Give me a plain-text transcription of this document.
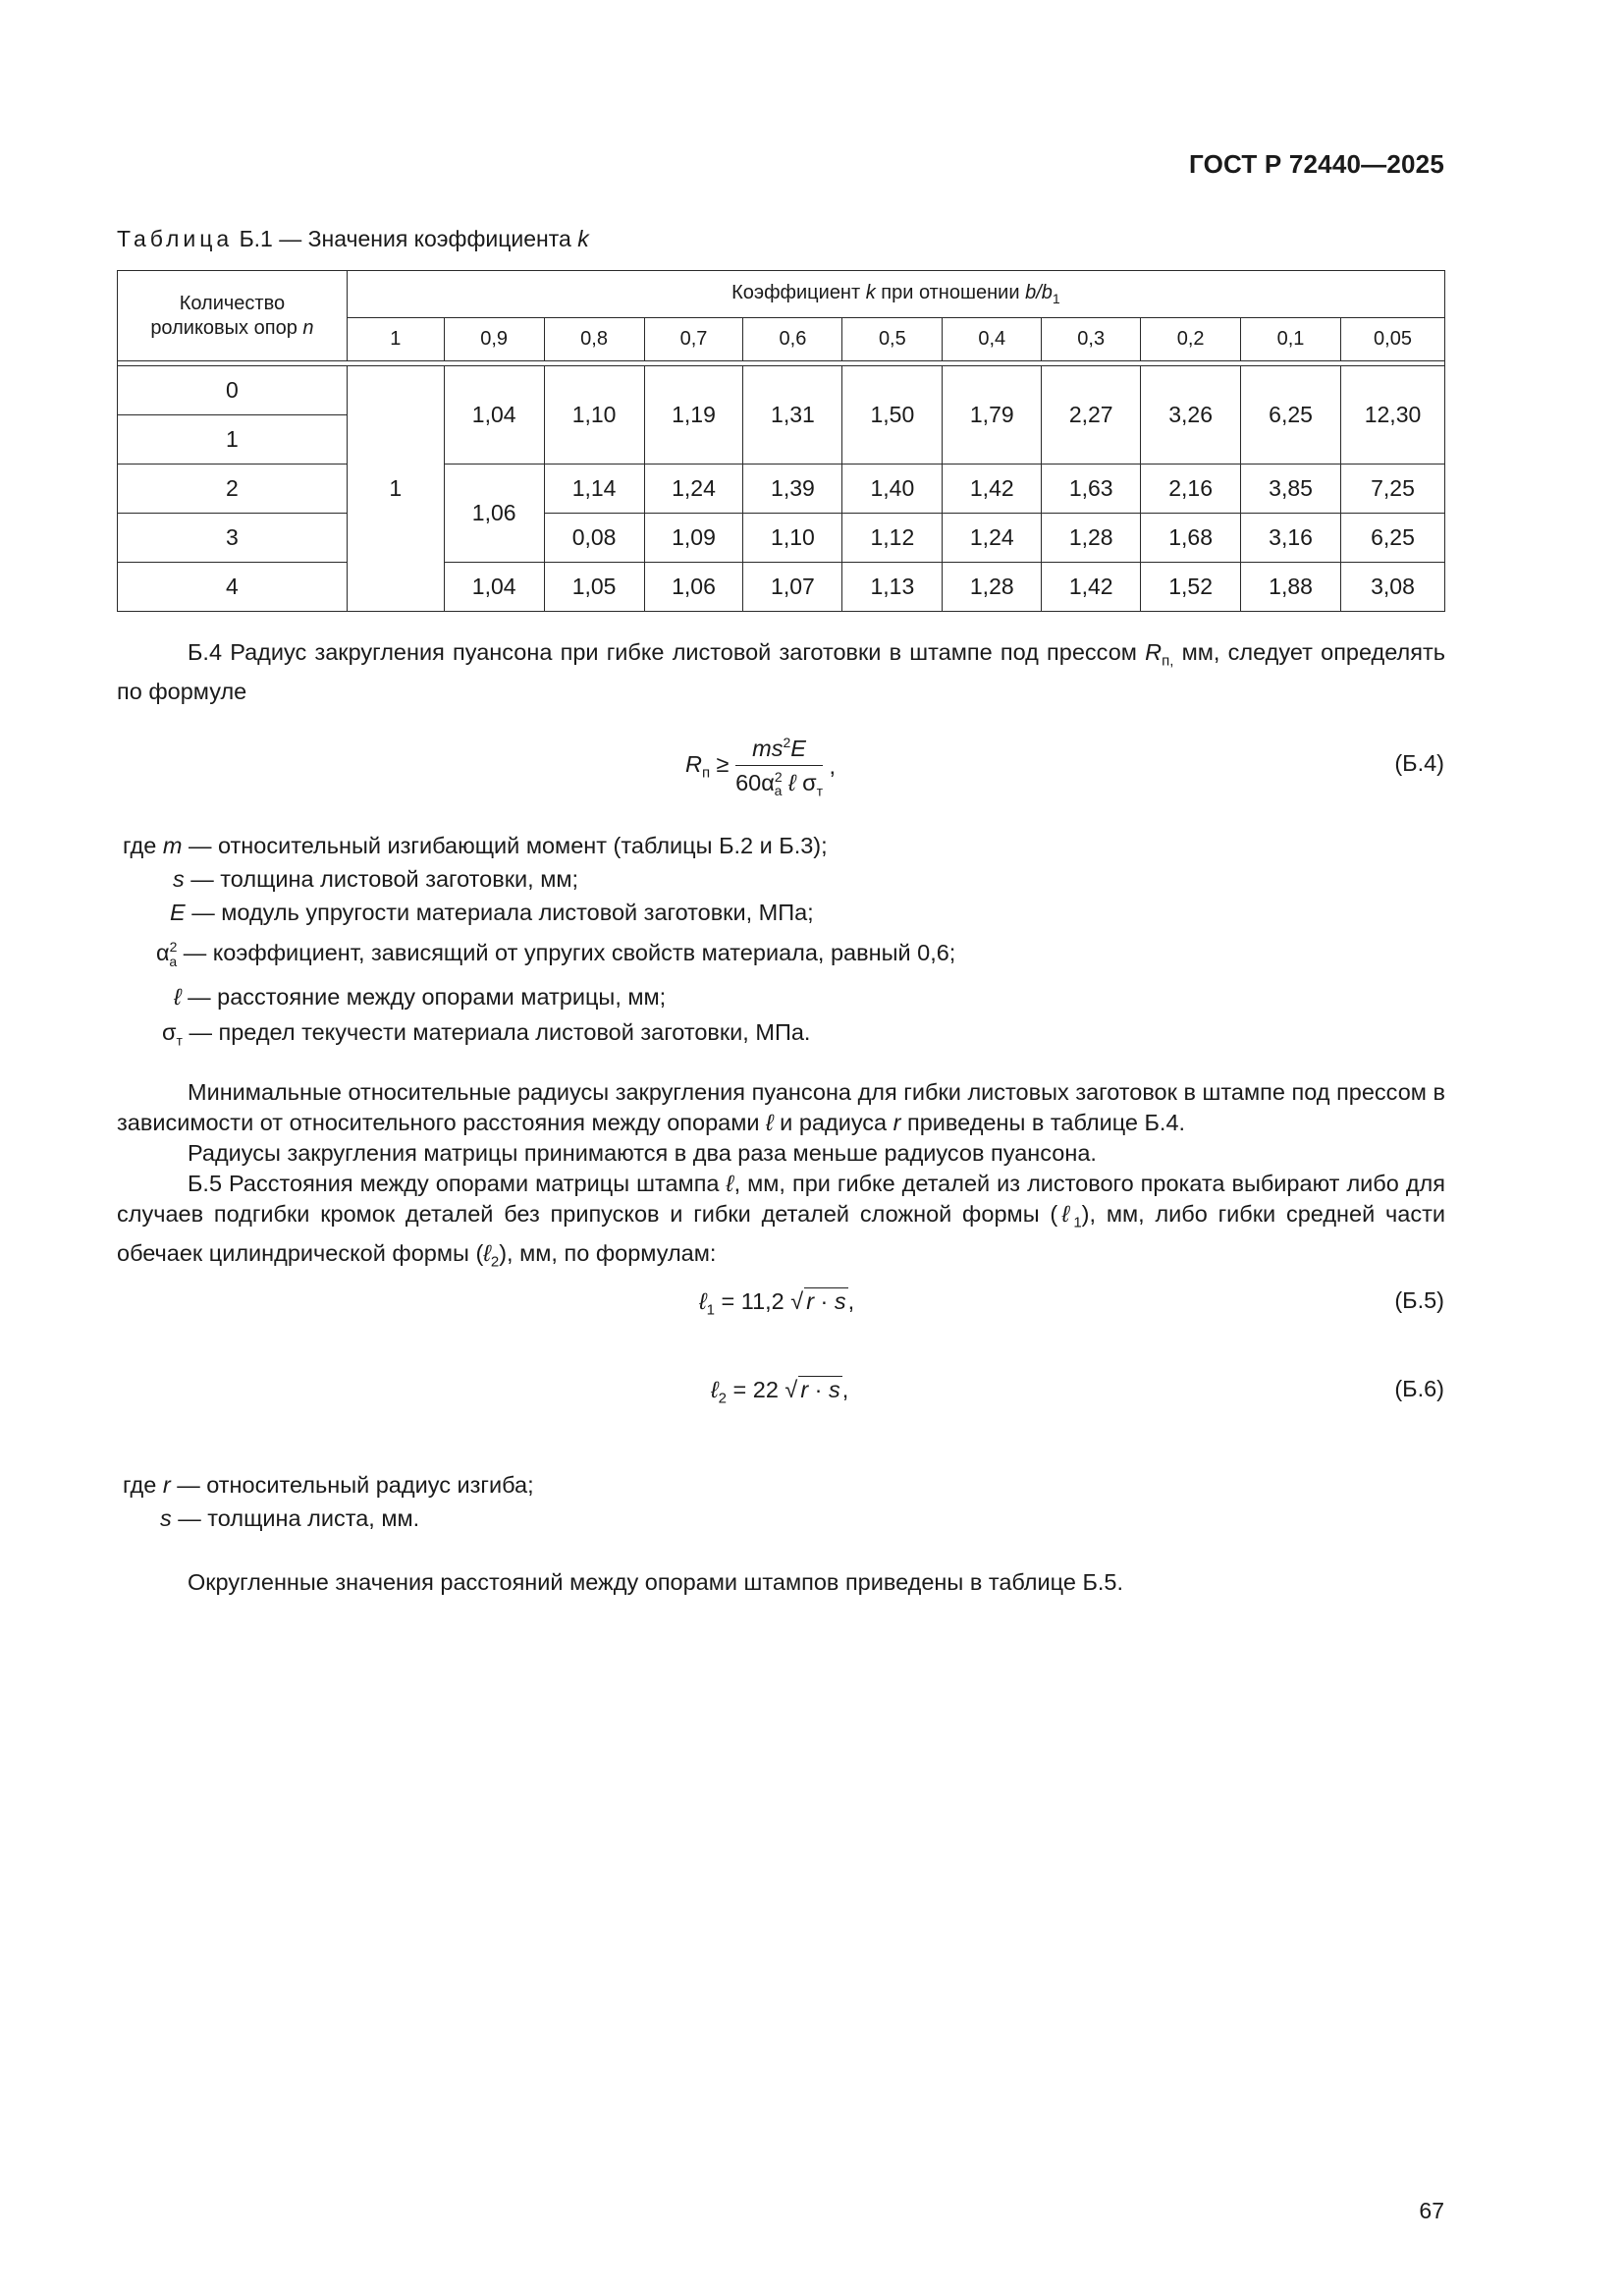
ГОСТ Р 72440—2025
Таблица Б.1 — Значения коэффициента k
Количество
роликовых опор n	Коэффициент k при отношении $b/b_1$
	1	0,9	0,8	0,7	0,6	0,5	0,4	0,3	0,2	0,1	0,05

0	1	1,04	1,10	1,19	1,31	1,50	1,79	2,27	3,26	6,25	12,30
1											
2		1,06	1,14	1,24	1,39	1,40	1,42	1,63	2,16	3,85	7,25
3			0,08	1,09	1,10	1,12	1,24	1,28	1,68	3,16	6,25
4		1,04	1,05	1,06	1,07	1,13	1,28	1,42	1,52	1,88	3,08
Б.4 Радиус закругления пуансона при гибке листовой заготовки в штампе под прессом $R_{п,}$ мм, следует определять по формуле
$R_п \ge \frac{ms^2E}{60\alpha^2_a \ell \sigma_т}$ ,	(Б.4)
где m — относительный изгибающий момент (таблицы Б.2 и Б.3);
s — толщина листовой заготовки, мм;
E — модуль упругости материала листовой заготовки, МПа;
$\alpha^2_a$ — коэффициент, зависящий от упругих свойств материала, равный 0,6;
ℓ — расстояние между опорами матрицы, мм;
$\sigma_т$ — предел текучести материала листовой заготовки, МПа.
Минимальные относительные радиусы закругления пуансона для гибки листовых заготовок в штампе под прессом в зависимости от относительного расстояния между опорами ℓ и радиуса r приведены в таблице Б.4.
Радиусы закругления матрицы принимаются в два раза меньше радиусов пуансона.
Б.5 Расстояния между опорами матрицы штампа ℓ, мм, при гибке деталей из листового проката выбирают либо для случаев подгибки кромок деталей без припусков и гибки деталей сложной формы (ℓ$_1$), мм, либо гибки средней части обечаек цилиндрической формы (ℓ$_2$), мм, по формулам:
ℓ$_1$ = 11,2 √ r · s,	(Б.5)
ℓ$_2$ = 22 √ r · s,	(Б.6)
где r — относительный радиус изгиба;
s — толщина листа, мм.
Округленные значения расстояний между опорами штампов приведены в таблице Б.5.
67
